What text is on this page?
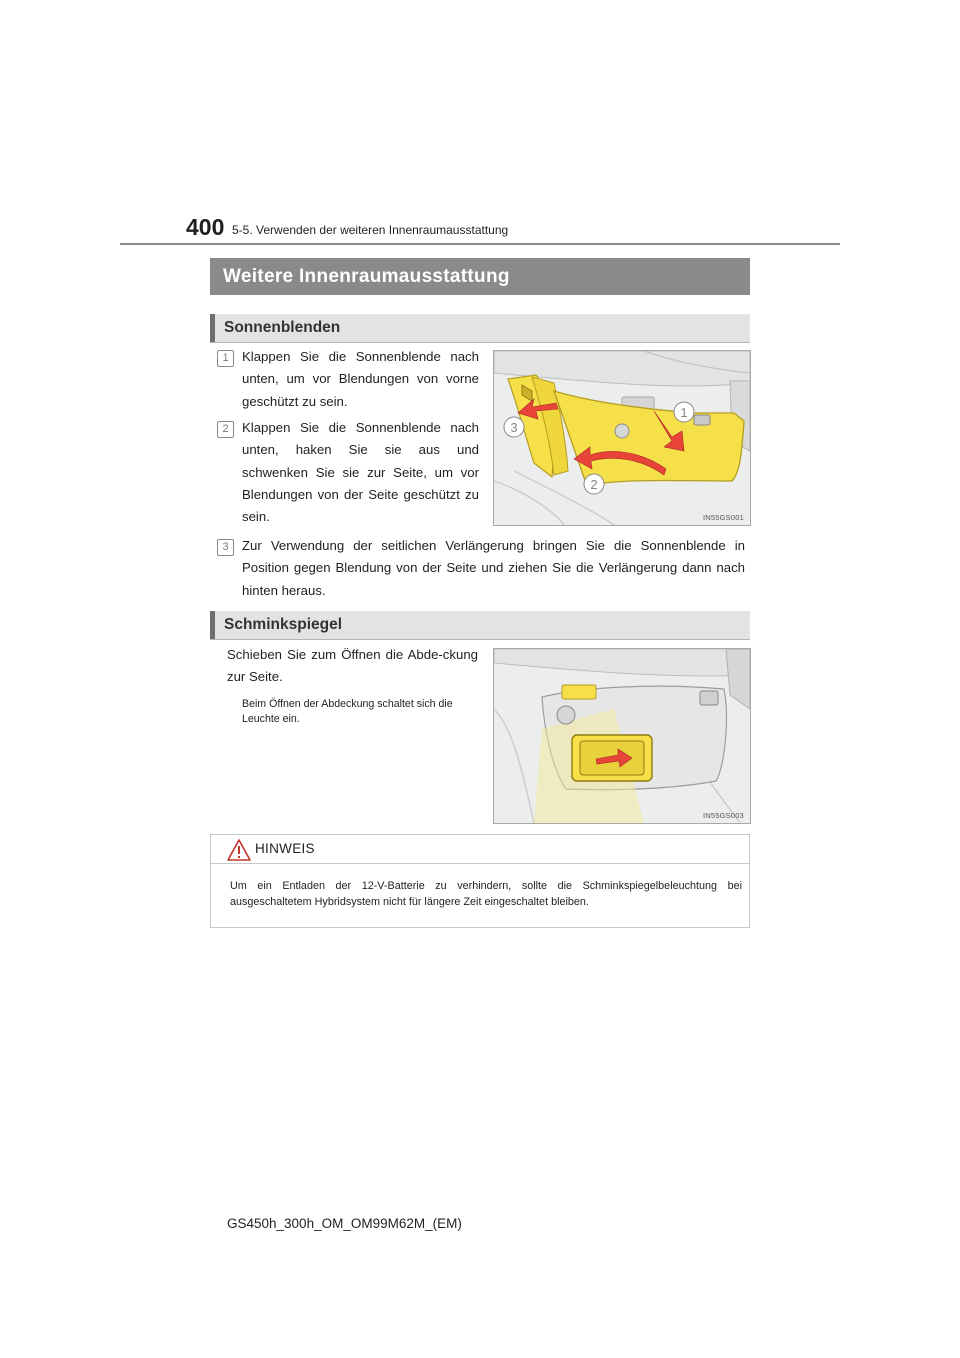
400 5-5. Verwenden der weiteren Innenraumausstattung
Weitere Innenraumausstattung
Sonnenblenden
1	Klappen Sie die Sonnenblende nach unten, um vor Blendungen von vorne geschützt zu sein.
2	Klappen Sie die Sonnenblende nach unten, haken Sie sie aus und schwenken Sie sie zur Seite, um vor Blendungen von der Seite geschützt zu sein.
1
2
3
IN55GS001
3	Zur Verwendung der seitlichen Verlängerung bringen Sie die Sonnenblende in Position gegen Blendung von der Seite und ziehen Sie die Verlängerung dann nach hinten heraus.
Schminkspiegel
Schieben Sie zum Öffnen die Abde-ckung zur Seite.
Beim Öffnen der Abdeckung schaltet sich die Leuchte ein.
IN55GS003
HINWEIS
Um ein Entladen der 12-V-Batterie zu verhindern, sollte die Schminkspiegelbeleuchtung bei ausgeschaltetem Hybridsystem nicht für längere Zeit eingeschaltet bleiben.
GS450h_300h_OM_OM99M62M_(EM)
